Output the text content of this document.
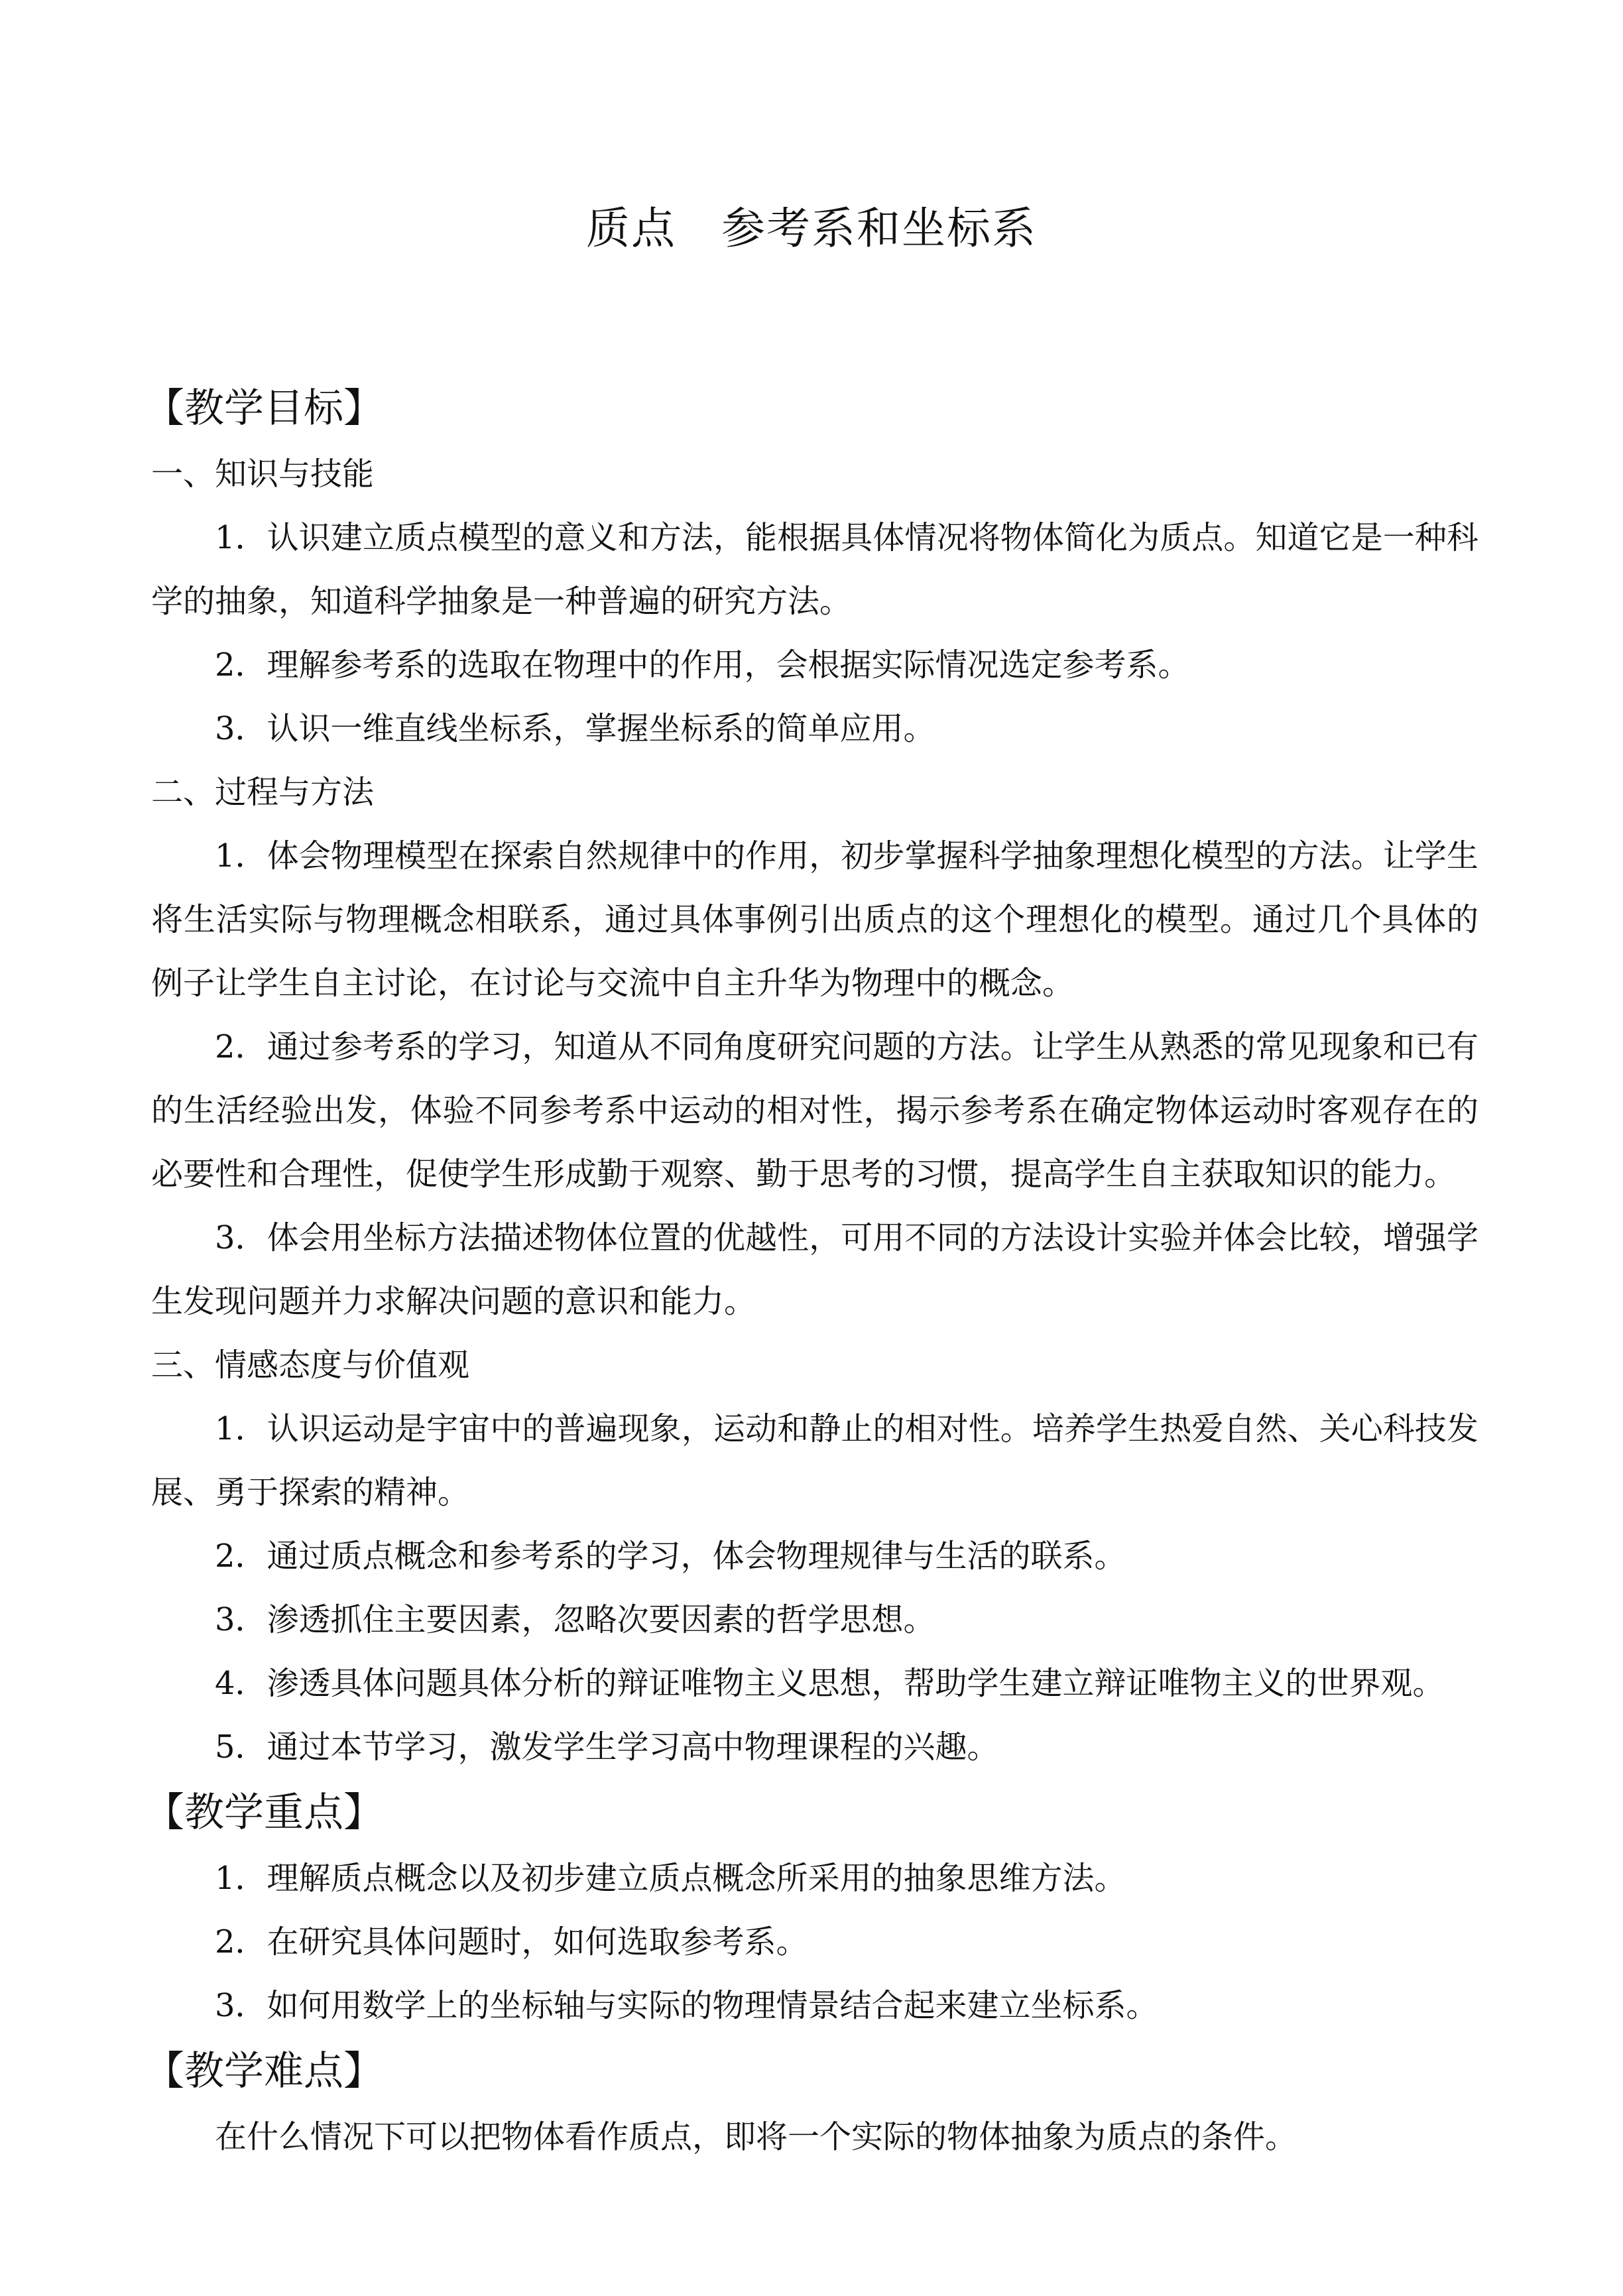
质点　参考系和坐标系
【教学目标】
一、知识与技能

1．认识建立质点模型的意义和方法，能根据具体情况将物体简化为质点。知道它是一种科学的抽象，知道科学抽象是一种普遍的研究方法。

2．理解参考系的选取在物理中的作用，会根据实际情况选定参考系。

3．认识一维直线坐标系，掌握坐标系的简单应用。

二、过程与方法

1．体会物理模型在探索自然规律中的作用，初步掌握科学抽象理想化模型的方法。让学生将生活实际与物理概念相联系，通过具体事例引出质点的这个理想化的模型。通过几个具体的例子让学生自主讨论，在讨论与交流中自主升华为物理中的概念。

2．通过参考系的学习，知道从不同角度研究问题的方法。让学生从熟悉的常见现象和已有的生活经验出发，体验不同参考系中运动的相对性，揭示参考系在确定物体运动时客观存在的必要性和合理性，促使学生形成勤于观察、勤于思考的习惯，提高学生自主获取知识的能力。

3．体会用坐标方法描述物体位置的优越性，可用不同的方法设计实验并体会比较，增强学生发现问题并力求解决问题的意识和能力。

三、情感态度与价值观

1．认识运动是宇宙中的普遍现象，运动和静止的相对性。培养学生热爱自然、关心科技发展、勇于探索的精神。

2．通过质点概念和参考系的学习，体会物理规律与生活的联系。

3．渗透抓住主要因素，忽略次要因素的哲学思想。

4．渗透具体问题具体分析的辩证唯物主义思想，帮助学生建立辩证唯物主义的世界观。

5．通过本节学习，激发学生学习高中物理课程的兴趣。

【教学重点】

1．理解质点概念以及初步建立质点概念所采用的抽象思维方法。

2．在研究具体问题时，如何选取参考系。

3．如何用数学上的坐标轴与实际的物理情景结合起来建立坐标系。

【教学难点】

在什么情况下可以把物体看作质点，即将一个实际的物体抽象为质点的条件。
